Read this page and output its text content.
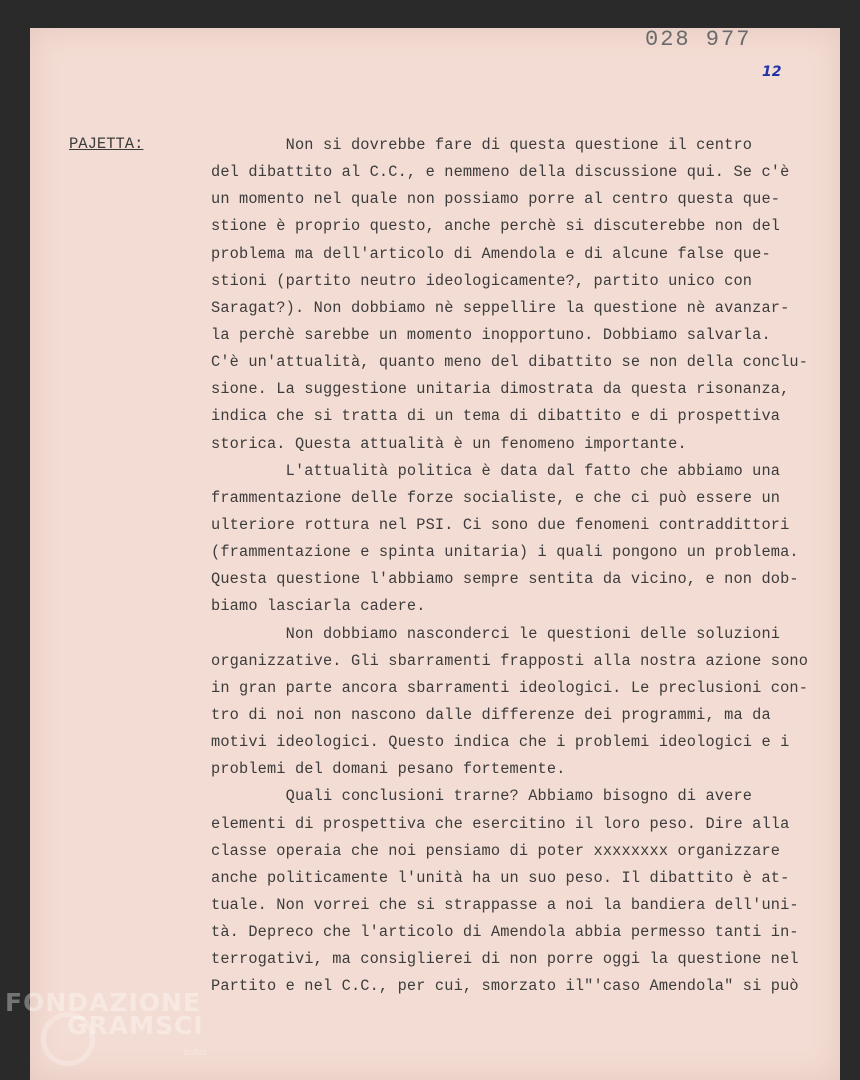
028 977
12
PAJETTA:	Non si dovrebbe fare di questa questione il centro
del dibattito al C.C., e nemmeno della discussione qui. Se c'è
un momento nel quale non possiamo porre al centro questa que-
stione è proprio questo, anche perchè si discuterebbe non del
problema ma dell'articolo di Amendola e di alcune false que-
stioni (partito neutro ideologicamente?, partito unico con
Saragat?). Non dobbiamo nè seppellire la questione nè avanzar-
la perchè sarebbe un momento inopportuno. Dobbiamo salvarla.
C'è un'attualità, quanto meno del dibattito se non della conclu-
sione. La suggestione unitaria dimostrata da questa risonanza,
indica che si tratta di un tema di dibattito e di prospettiva
storica. Questa attualità è un fenomeno importante.
L'attualità politica è data dal fatto che abbiamo una
frammentazione delle forze socialiste, e che ci può essere un
ulteriore rottura nel PSI. Ci sono due fenomeni contraddittori
(frammentazione e spinta unitaria) i quali pongono un problema.
Questa questione l'abbiamo sempre sentita da vicino, e non dob-
biamo lasciarla cadere.
Non dobbiamo nasconderci le questioni delle soluzioni
organizzative. Gli sbarramenti frapposti alla nostra azione sono
in gran parte ancora sbarramenti ideologici. Le preclusioni con-
tro di noi non nascono dalle differenze dei programmi, ma da
motivi ideologici. Questo indica che i problemi ideologici e i
problemi del domani pesano fortemente.
Quali conclusioni trarne? Abbiamo bisogno di avere
elementi di prospettiva che esercitino il loro peso. Dire alla
classe operaia che noi pensiamo di poter xxxxxxxx organizzare
anche politicamente l'unità ha un suo peso. Il dibattito è at-
tuale. Non vorrei che si strappasse a noi la bandiera dell'uni-
tà. Depreco che l'articolo di Amendola abbia permesso tanti in-
terrogativi, ma consiglierei di non porre oggi la questione nel
Partito e nel C.C., per cui, smorzato il"'caso Amendola" si può
FONDAZIONE
GRAMSCI
onlus
